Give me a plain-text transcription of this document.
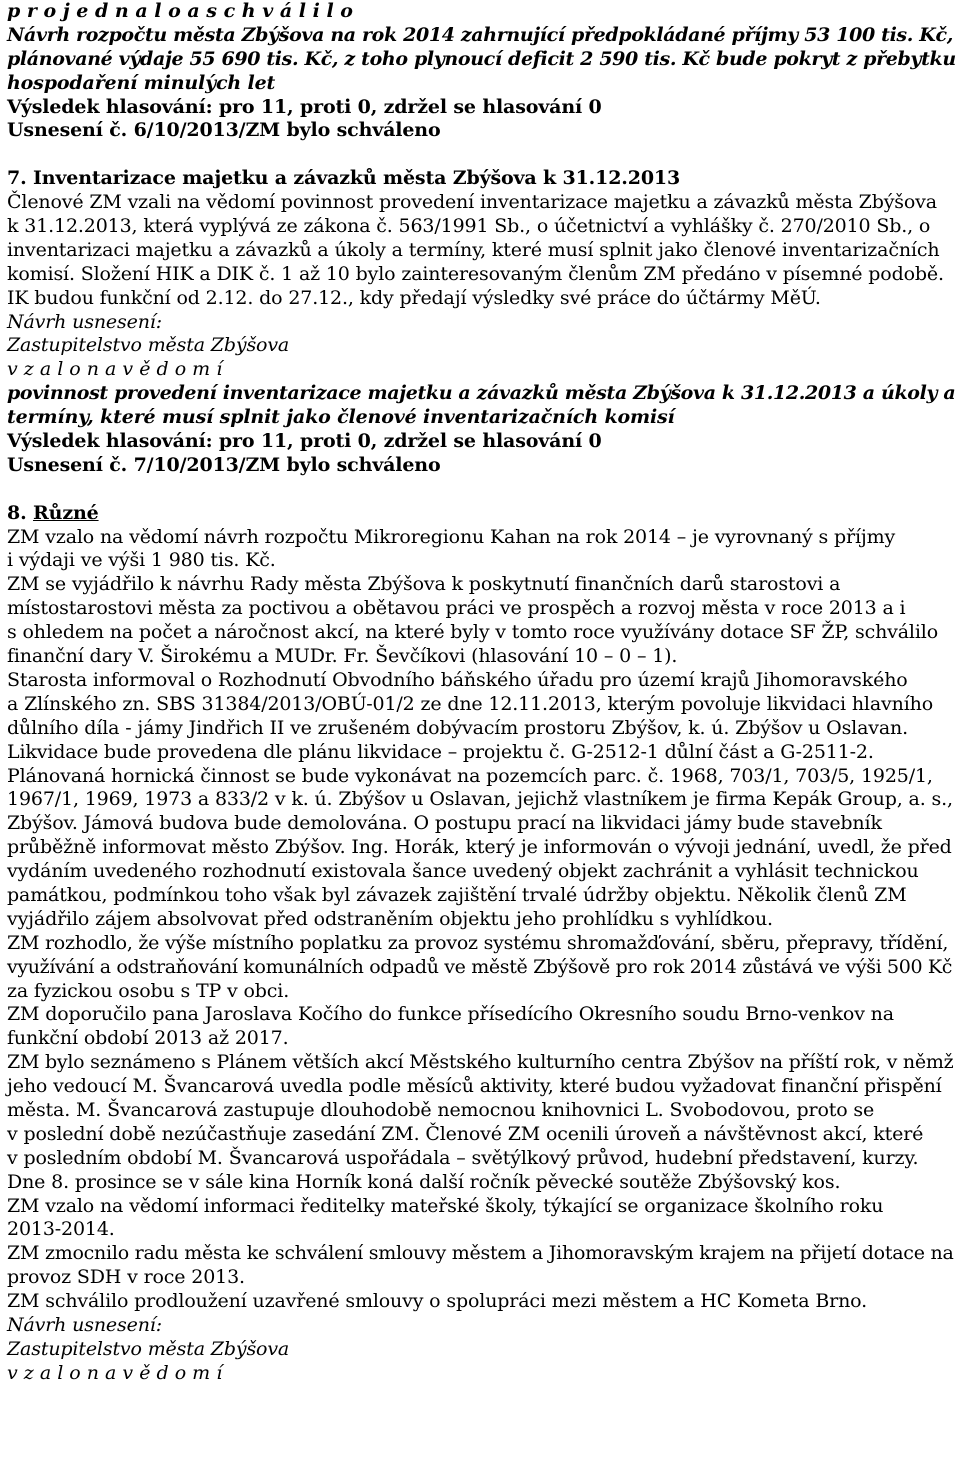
p r o j e d n a l o a s c h v á l i l o
Návrh rozpočtu města Zbýšova na rok 2014 zahrnující předpokládané příjmy 53 100 tis. Kč,
plánované výdaje 55 690 tis. Kč, z toho plynoucí deficit 2 590 tis. Kč bude pokryt z přebytku
hospodaření minulých let
Výsledek hlasování: pro 11, proti 0, zdržel se hlasování 0
Usnesení č. 6/10/2013/ZM bylo schváleno
7. Inventarizace majetku a závazků města Zbýšova k 31.12.2013
Členové ZM vzali na vědomí povinnost provedení inventarizace majetku a závazků města Zbýšova
k 31.12.2013, která vyplývá ze zákona č. 563/1991 Sb., o účetnictví a vyhlášky č. 270/2010 Sb., o
inventarizaci majetku a závazků a úkoly a termíny, které musí splnit jako členové inventarizačních
komisí. Složení HIK a DIK č. 1 až 10 bylo zainteresovaným členům ZM předáno v písemné podobě.
IK budou funkční od 2.12. do 27.12., kdy předají výsledky své práce do účtármy MěÚ.
Návrh usnesení:
Zastupitelstvo města Zbýšova
v z a l o n a v ě d o m í
povinnost provedení inventarizace majetku a závazků města Zbýšova k 31.12.2013 a úkoly a
termíny, které musí splnit jako členové inventarizačních komisí
Výsledek hlasování: pro 11, proti 0, zdržel se hlasování 0
Usnesení č. 7/10/2013/ZM bylo schváleno
8. Různé
ZM vzalo na vědomí návrh rozpočtu Mikroregionu Kahan na rok 2014 – je vyrovnaný s příjmy
i výdaji ve výši 1 980 tis. Kč.
ZM se vyjádřilo k návrhu Rady města Zbýšova k poskytnutí finančních darů starostovi a
místostarostovi města za poctivou a obětavou práci ve prospěch a rozvoj města v roce 2013 a i
s ohledem na počet a náročnost akcí, na které byly v tomto roce využívány dotace SF ŽP, schválilo
finanční dary V. Širokému a MUDr. Fr. Ševčíkovi (hlasování 10 – 0 – 1).
Starosta informoval o Rozhodnutí Obvodního báňského úřadu pro území krajů Jihomoravského
a Zlínského zn. SBS 31384/2013/OBÚ-01/2 ze dne 12.11.2013, kterým povoluje likvidaci hlavního
důlního díla - jámy Jindřich II ve zrušeném dobývacím prostoru Zbýšov, k. ú. Zbýšov u Oslavan.
Likvidace bude provedena dle plánu likvidace – projektu č. G-2512-1 důlní část a G-2511-2.
Plánovaná hornická činnost se bude vykonávat na pozemcích parc. č. 1968, 703/1, 703/5, 1925/1,
1967/1, 1969, 1973 a 833/2 v k. ú. Zbýšov u Oslavan, jejichž vlastníkem je firma Kepák Group, a. s.,
Zbýšov. Jámová budova bude demolována. O postupu prací na likvidaci jámy bude stavebník
průběžně informovat město Zbýšov. Ing. Horák, který je informován o vývoji jednání, uvedl, že před
vydáním uvedeného rozhodnutí existovala šance uvedený objekt zachránit a vyhlásit technickou
památkou, podmínkou toho však byl závazek zajištění trvalé údržby objektu. Několik členů ZM
vyjádřilo zájem absolvovat před odstraněním objektu jeho prohlídku s vyhlídkou.
ZM rozhodlo, že výše místního poplatku za provoz systému shromažďování, sběru, přepravy, třídění,
využívání a odstraňování komunálních odpadů ve městě Zbýšově pro rok 2014 zůstává ve výši 500 Kč
za fyzickou osobu s TP v obci.
ZM doporučilo pana Jaroslava Kočího do funkce přísedícího Okresního soudu Brno-venkov na
funkční období 2013 až 2017.
ZM bylo seznámeno s Plánem větších akcí Městského kulturního centra Zbýšov na příští rok, v němž
jeho vedoucí M. Švancarová uvedla podle měsíců aktivity, které budou vyžadovat finanční přispění
města. M. Švancarová zastupuje dlouhodobě nemocnou knihovnici L. Svobodovou, proto se
v poslední době nezúčastňuje zasedání ZM. Členové ZM ocenili úroveň a návštěvnost akcí, které
v posledním období M. Švancarová uspořádala – světýlkový průvod, hudební představení, kurzy.
Dne 8. prosince se v sále kina Horník koná další ročník pěvecké soutěže Zbýšovský kos.
ZM vzalo na vědomí informaci ředitelky mateřské školy, týkající se organizace školního roku
2013-2014.
ZM zmocnilo radu města ke schválení smlouvy městem a Jihomoravským krajem na přijetí dotace na
provoz SDH v roce 2013.
ZM schválilo prodloužení uzavřené smlouvy o spolupráci mezi městem a HC Kometa Brno.
Návrh usnesení:
Zastupitelstvo města Zbýšova
v z a l o n a v ě d o m í
